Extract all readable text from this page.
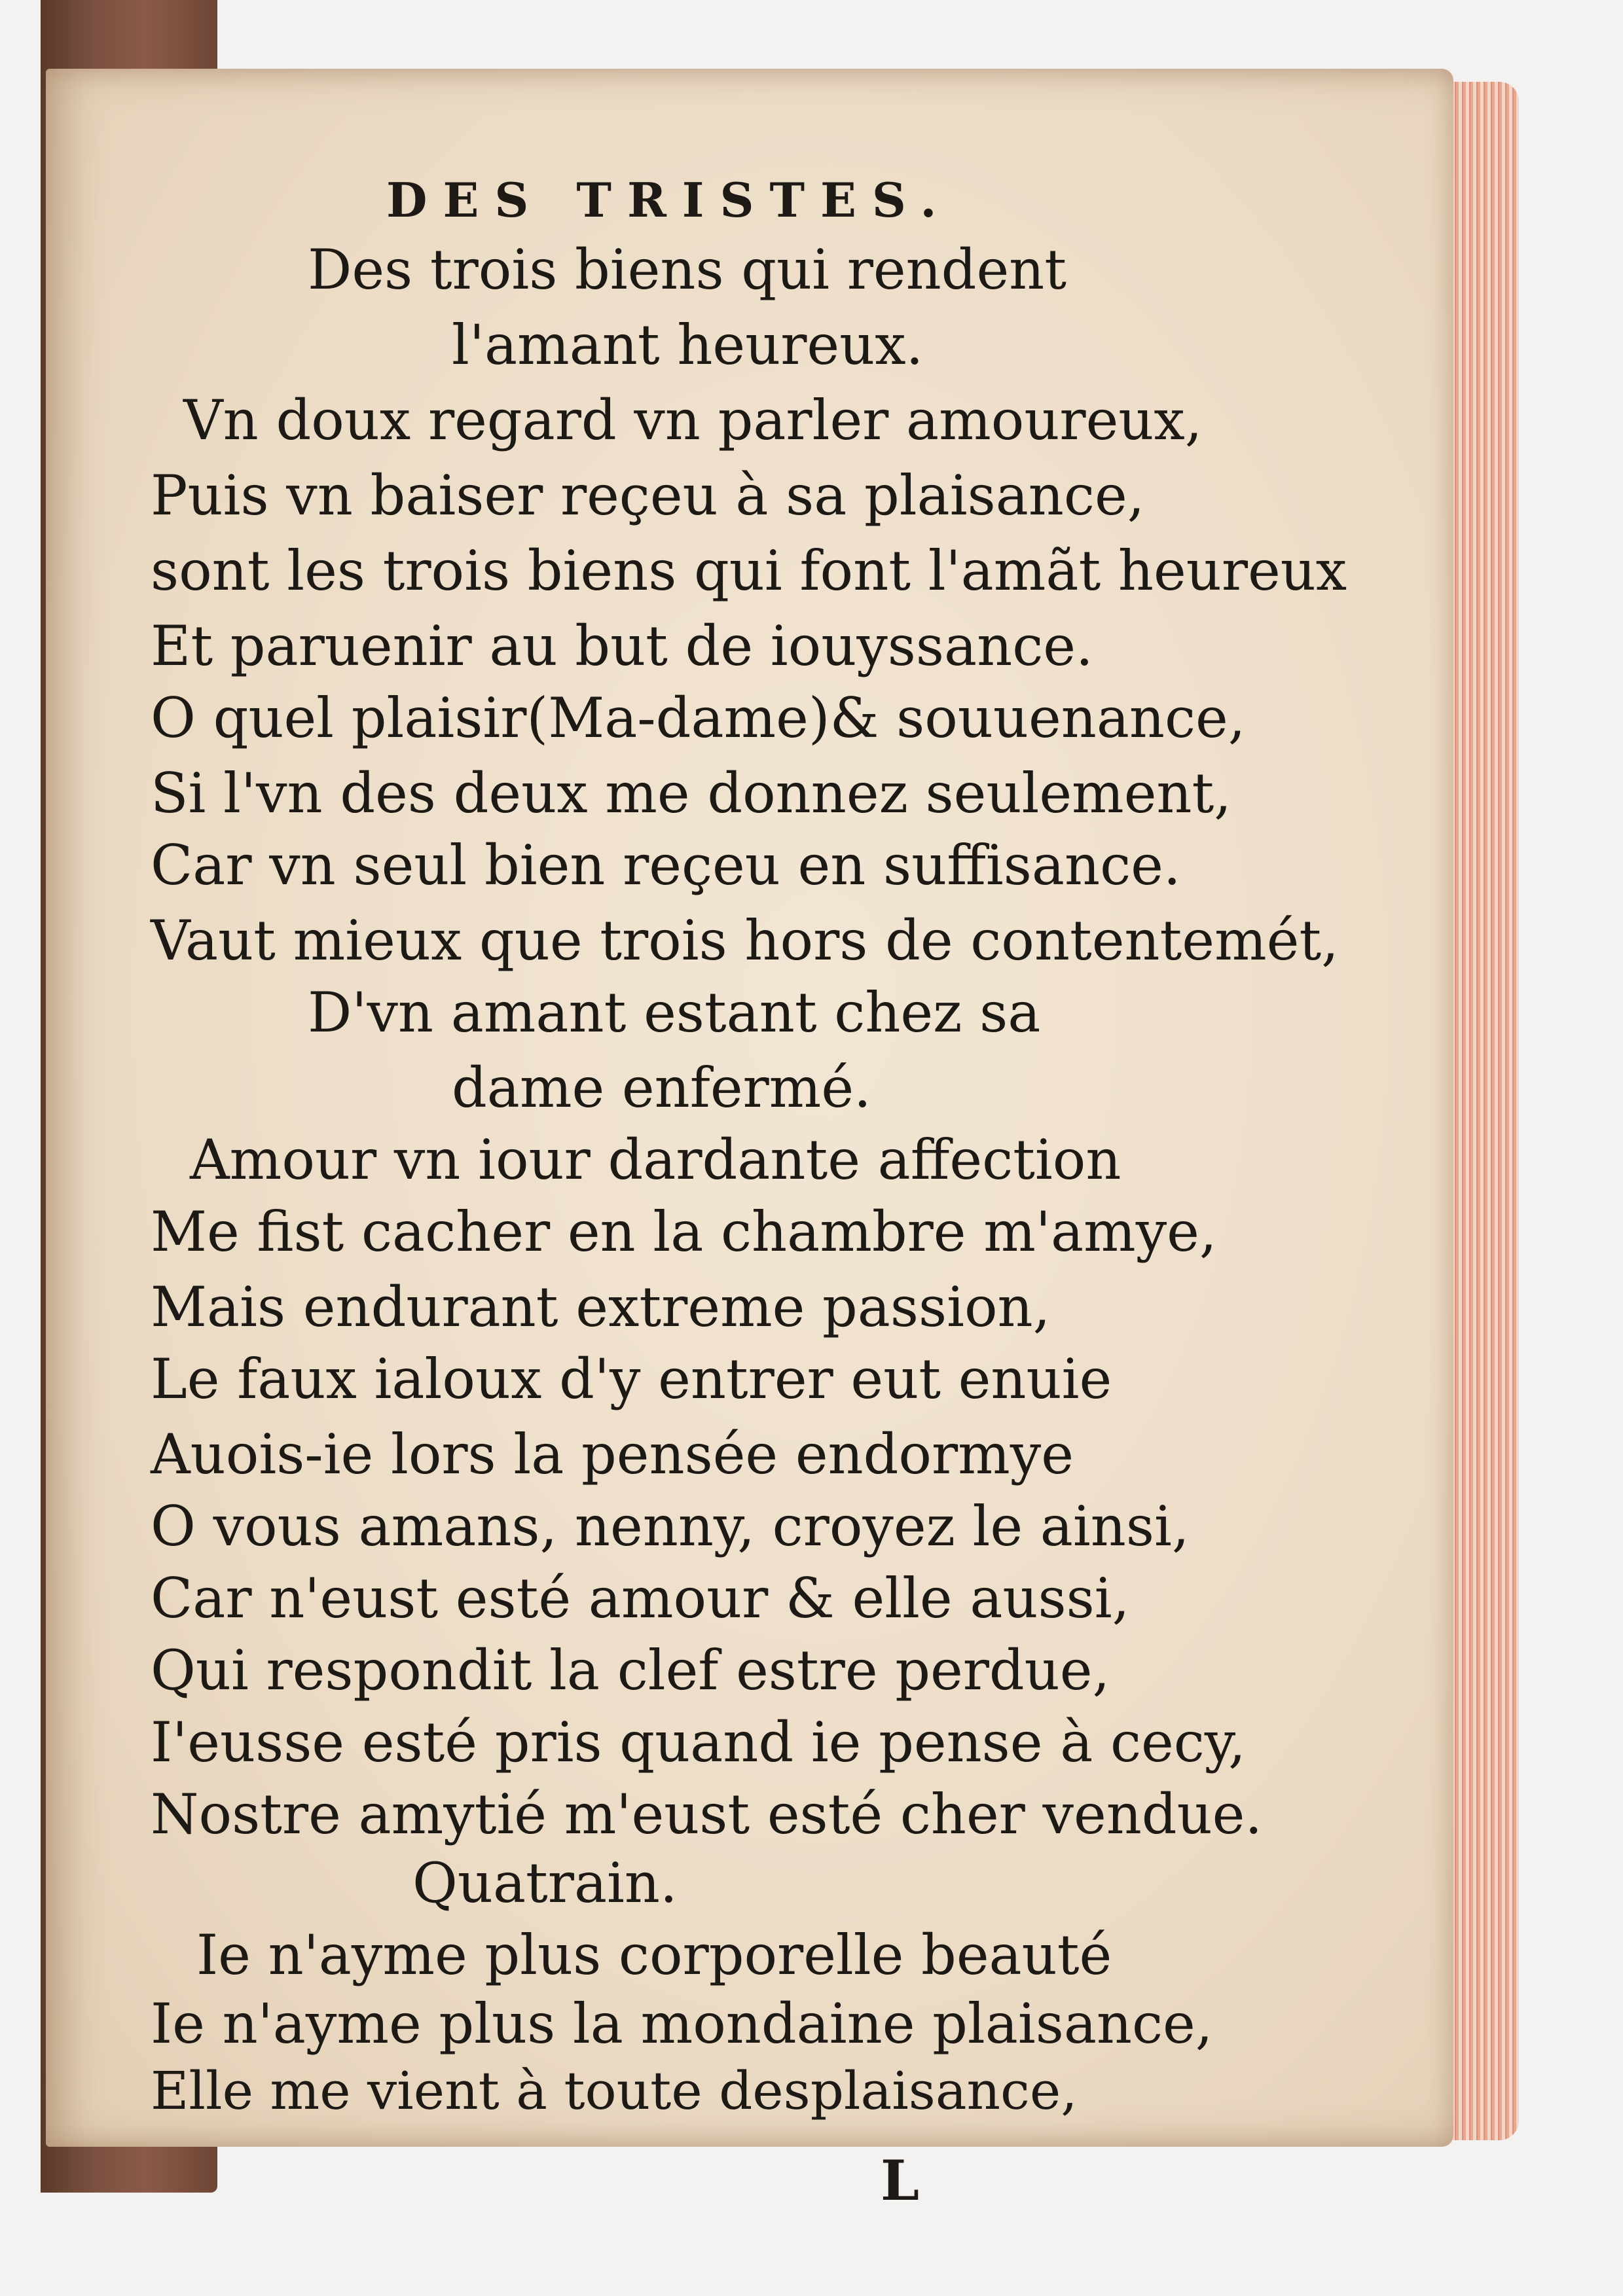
DES TRISTES.
Des trois biens qui rendent
l'amant heureux.
Vn doux regard vn parler amoureux,
Puis vn baiser reçeu à sa plaisance,
sont les trois biens qui font l'amãt heureux
Et paruenir au but de iouyssance.
O quel plaisir(Ma-dame)& souuenance,
Si l'vn des deux me donnez seulement,
Car vn seul bien reçeu en suffisance.
Vaut mieux que trois hors de contentemét,
D'vn amant estant chez sa
dame enfermé.
Amour vn iour dardante affection
Me fist cacher en la chambre m'amye,
Mais endurant extreme passion,
Le faux ialoux d'y entrer eut enuie
Auois-ie lors la pensée endormye
O vous amans, nenny, croyez le ainsi,
Car n'eust esté amour & elle aussi,
Qui respondit la clef estre perdue,
I'eusse esté pris quand ie pense à cecy,
Nostre amytié m'eust esté cher vendue.
Quatrain.
Ie n'ayme plus corporelle beauté
Ie n'ayme plus la mondaine plaisance,
Elle me vient à toute desplaisance,
L
